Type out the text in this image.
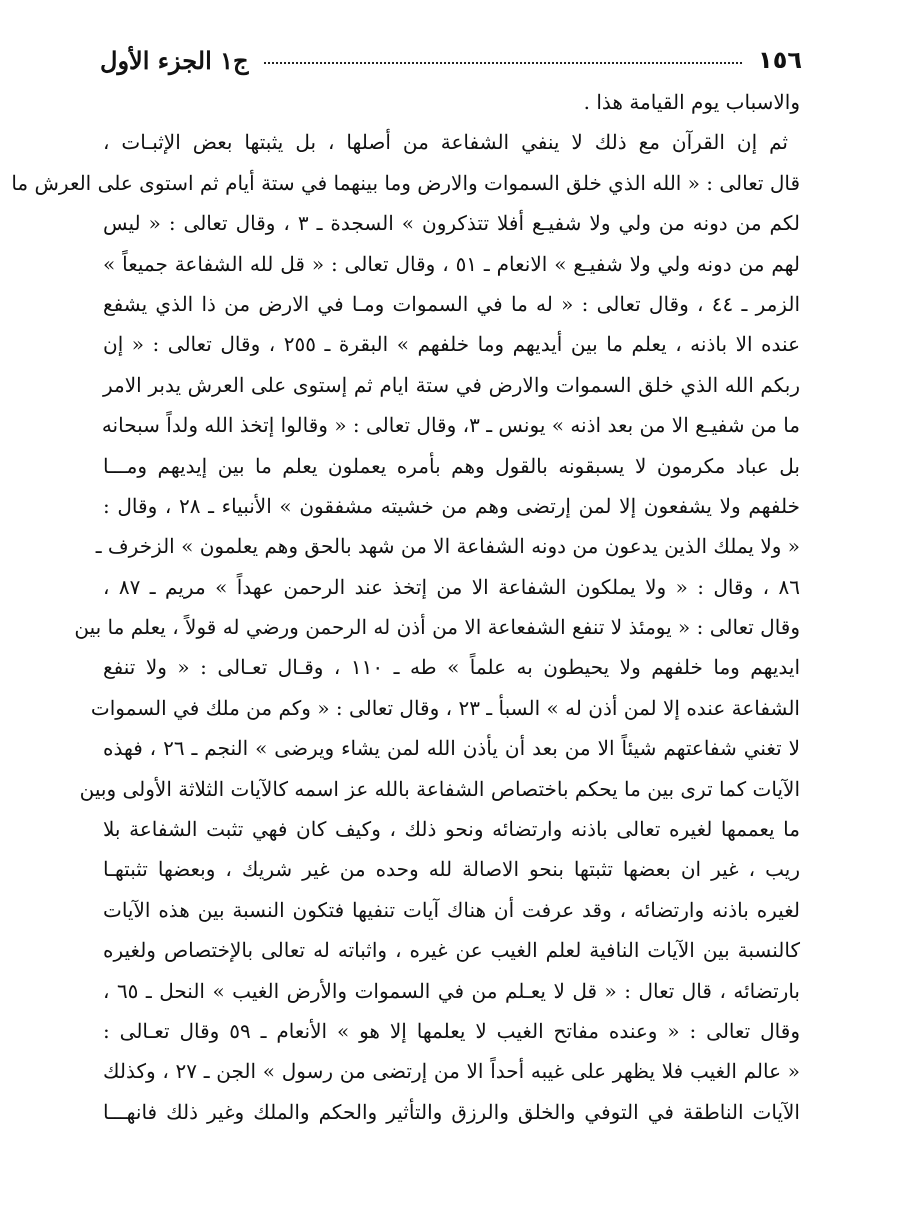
١٥٦
ج١ الجزء الأول
والاسباب يوم القيامة هذا .
ثم إن القرآن مع ذلك لا ينفي الشفاعة من أصلها ، بل يثبتها بعض الإثبـات ،
قال تعالى : « الله الذي خلق السموات والارض وما بينهما في ستة أيام ثم استوى على العرش ما
لكم من دونه من ولي ولا شفيـع أفلا تتذكرون » السجدة ـ ٣ ، وقال تعالى : « ليس
لهم من دونه ولي ولا شفيـع » الانعام ـ ٥١ ، وقال تعالى : « قل لله الشفاعة جميعاً »
الزمر ـ ٤٤ ، وقال تعالى : « له ما في السموات ومـا في الارض من ذا الذي يشفع
عنده الا باذنه ، يعلم ما بين أيديهم وما خلفهم » البقرة ـ ٢٥٥ ، وقال تعالى : « إن
ربكم الله الذي خلق السموات والارض في ستة ايام ثم إستوى على العرش يدبر الامر
ما من شفيـع الا من بعد اذنه » يونس ـ ٣، وقال تعالى : « وقالوا إتخذ الله ولداً سبحانه
بل عباد مكرمون لا يسبقونه بالقول وهم بأمره يعملون يعلم ما بين إيديهم ومـــا
خلفهم ولا يشفعون إلا لمن إرتضى وهم من خشيته مشفقون » الأنبياء ـ ٢٨ ، وقال :
« ولا يملك الذين يدعون من دونه الشفاعة الا من شهد بالحق وهم يعلمون » الزخرف ـ
٨٦ ، وقال : « ولا يملكون الشفاعة الا من إتخذ عند الرحمن عهداً » مريم ـ ٨٧ ،
وقال تعالى : « يومئذ لا تنفع الشفعاعة الا من أذن له الرحمن ورضي له قولاً ، يعلم ما بين
ايديهم وما خلفهم ولا يحيطون به علماً » طه ـ ١١٠ ، وقـال تعـالى : « ولا تنفع
الشفاعة عنده إلا لمن أذن له » السبأ ـ ٢٣ ، وقال تعالى : « وكم من ملك في السموات
لا تغني شفاعتهم شيئاً الا من بعد أن يأذن الله لمن يشاء ويرضى » النجم ـ ٢٦ ، فهذه
الآيات كما ترى بين ما يحكم باختصاص الشفاعة بالله عز اسمه كالآيات الثلاثة الأولى وبين
ما يعممها لغيره تعالى باذنه وارتضائه ونحو ذلك ، وكيف كان فهي تثبت الشفاعة بلا
ريب ، غير ان بعضها تثبتها بنحو الاصالة لله وحده من غير شريك ، وبعضها تثبتهـا
لغيره باذنه وارتضائه ، وقد عرفت أن هناك آيات تنفيها فتكون النسبة بين هذه الآيات
كالنسبة بين الآيات النافية لعلم الغيب عن غيره ، واثباته له تعالى بالإختصاص ولغيره
بارتضائه ، قال تعال : « قل لا يعـلم من في السموات والأرض الغيب » النحل ـ ٦٥ ،
وقال تعالى : « وعنده مفاتح الغيب لا يعلمها إلا هو » الأنعام ـ ٥٩ وقال تعـالى :
« عالم الغيب فلا يظهر على غيبه أحداً الا من إرتضى من رسول » الجن ـ ٢٧ ، وكذلك
الآيات الناطقة في التوفي والخلق والرزق والتأثير والحكم والملك وغير ذلك فانهـــا
